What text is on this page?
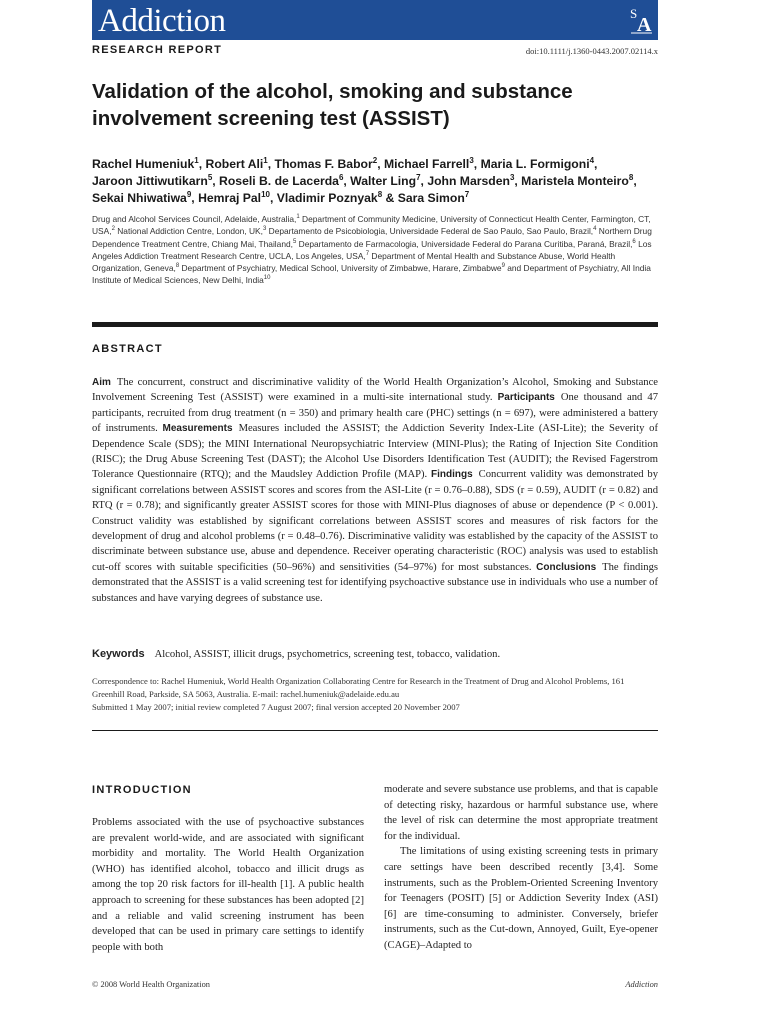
Addiction	S
A
RESEARCH REPORT	doi:10.1111/j.1360-0443.2007.02114.x
Validation of the alcohol, smoking and substance involvement screening test (ASSIST)
Rachel Humeniuk$^1$, Robert Ali$^1$, Thomas F. Babor$^2$, Michael Farrell$^3$, Maria L. Formigoni$^4$, Jaroon Jittiwutikarn$^5$, Roseli B. de Lacerda$^6$, Walter Ling$^7$, John Marsden$^3$, Maristela Monteiro$^8$, Sekai Nhiwatiwa$^9$, Hemraj Pal$^{10}$, Vladimir Poznyak$^8$ & Sara Simon$^7$
Drug and Alcohol Services Council, Adelaide, Australia,$^1$ Department of Community Medicine, University of Connecticut Health Center, Farmington, CT, USA,$^2$ National Addiction Centre, London, UK,$^3$ Departamento de Psicobiologia, Universidade Federal de Sao Paulo, Sao Paulo, Brazil,$^4$ Northern Drug Dependence Treatment Centre, Chiang Mai, Thailand,$^5$ Departamento de Farmacologia, Universidade Federal do Parana Curitiba, Paraná, Brazil,$^6$ Los Angeles Addiction Treatment Research Centre, UCLA, Los Angeles, USA,$^7$ Department of Mental Health and Substance Abuse, World Health Organization, Geneva,$^8$ Department of Psychiatry, Medical School, University of Zimbabwe, Harare, Zimbabwe$^9$ and Department of Psychiatry, All India Institute of Medical Sciences, New Delhi, India$^{10}$
ABSTRACT
Aim The concurrent, construct and discriminative validity of the World Health Organization’s Alcohol, Smoking and Substance Involvement Screening Test (ASSIST) were examined in a multi-site international study. Participants One thousand and 47 participants, recruited from drug treatment (n = 350) and primary health care (PHC) settings (n = 697), were administered a battery of instruments. Measurements Measures included the ASSIST; the Addiction Severity Index-Lite (ASI-Lite); the Severity of Dependence Scale (SDS); the MINI International Neuropsychiatric Interview (MINI-Plus); the Rating of Injection Site Condition (RISC); the Drug Abuse Screening Test (DAST); the Alcohol Use Disorders Identification Test (AUDIT); the Revised Fagerstrom Tolerance Questionnaire (RTQ); and the Maudsley Addiction Profile (MAP). Findings Concurrent validity was demonstrated by significant correlations between ASSIST scores and scores from the ASI-Lite (r = 0.76–0.88), SDS (r = 0.59), AUDIT (r = 0.82) and RTQ (r = 0.78); and significantly greater ASSIST scores for those with MINI-Plus diagnoses of abuse or dependence (P < 0.001). Construct validity was established by significant correlations between ASSIST scores and measures of risk factors for the development of drug and alcohol problems (r = 0.48–0.76). Discriminative validity was established by the capacity of the ASSIST to discriminate between substance use, abuse and dependence. Receiver operating characteristic (ROC) analysis was used to establish cut-off scores with suitable specificities (50–96%) and sensitivities (54–97%) for most substances. Conclusions The findings demonstrated that the ASSIST is a valid screening test for identifying psychoactive substance use in individuals who use a number of substances and have varying degrees of substance use.
Keywords Alcohol, ASSIST, illicit drugs, psychometrics, screening test, tobacco, validation.
Correspondence to: Rachel Humeniuk, World Health Organization Collaborating Centre for Research in the Treatment of Drug and Alcohol Problems, 161 Greenhill Road, Parkside, SA 5063, Australia. E-mail: rachel.humeniuk@adelaide.edu.au
Submitted 1 May 2007; initial review completed 7 August 2007; final version accepted 20 November 2007
INTRODUCTION
Problems associated with the use of psychoactive substances are prevalent world-wide, and are associated with significant morbidity and mortality. The World Health Organization (WHO) has identified alcohol, tobacco and illicit drugs as among the top 20 risk factors for ill-health [1]. A public health approach to screening for these substances has been adopted [2] and a reliable and valid screening instrument has been developed that can be used in primary care settings to identify people with both

moderate and severe substance use problems, and that is capable of detecting risky, hazardous or harmful substance use, where the level of risk can determine the most appropriate treatment for the individual.

The limitations of using existing screening tests in primary care settings have been described recently [3,4]. Some instruments, such as the Problem-Oriented Screening Inventory for Teenagers (POSIT) [5] or Addiction Severity Index (ASI) [6] are time-consuming to administer. Conversely, briefer instruments, such as the Cut-down, Annoyed, Guilt, Eye-opener (CAGE)–Adapted to

© 2008 World Health Organization	Addiction
